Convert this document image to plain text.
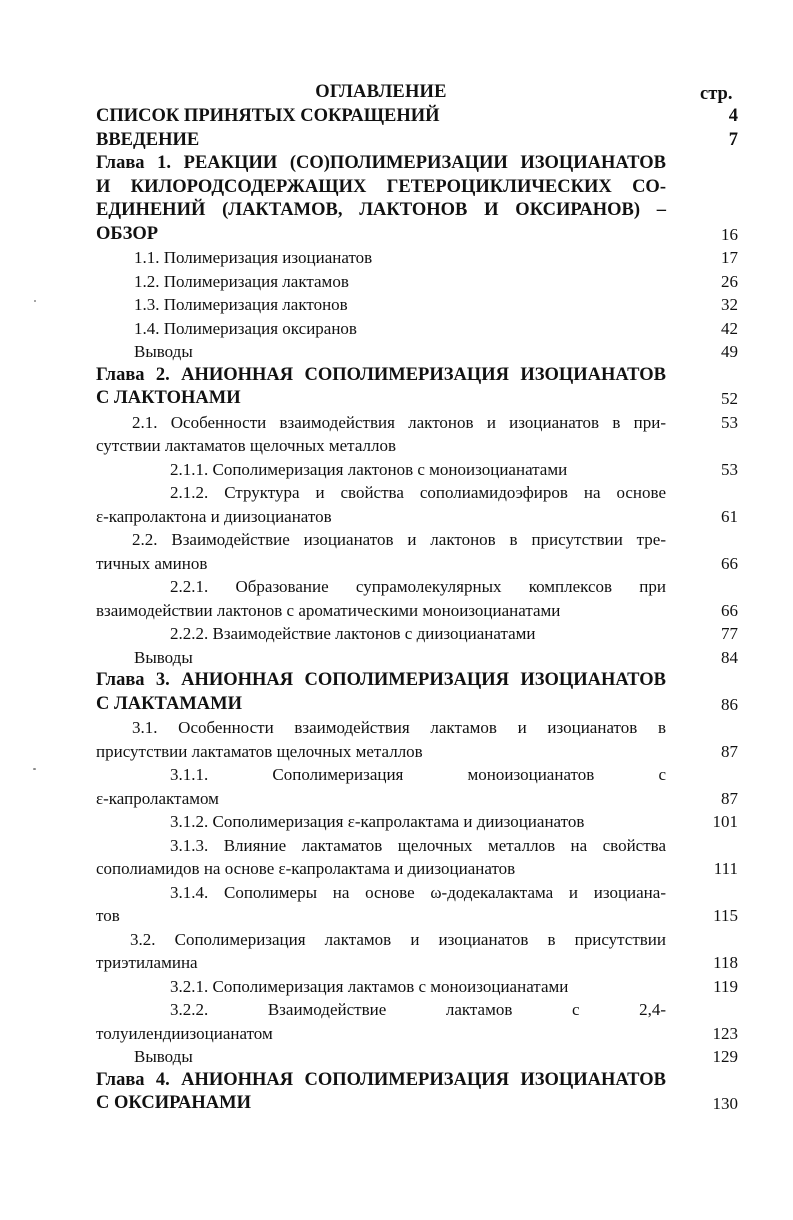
ОГЛАВЛЕНИЕ	стр.
СПИСОК ПРИНЯТЫХ СОКРАЩЕНИЙ	4
ВВЕДЕНИЕ	7
Глава 1. РЕАКЦИИ (СО)ПОЛИМЕРИЗАЦИИ ИЗОЦИАНАТОВ
И КИЛОРОДСОДЕРЖАЩИХ ГЕТЕРОЦИКЛИЧЕСКИХ СО-
ЕДИНЕНИЙ (ЛАКТАМОВ, ЛАКТОНОВ И ОКСИРАНОВ) –
ОБЗОР	16
1.1. Полимеризация изоцианатов	17
1.2. Полимеризация лактамов	26
1.3. Полимеризация лактонов	32
1.4. Полимеризация оксиранов	42
Выводы	49
Глава 2. АНИОННАЯ СОПОЛИМЕРИЗАЦИЯ ИЗОЦИАНАТОВ
С ЛАКТОНАМИ	52
2.1. Особенности взаимодействия лактонов и изоцианатов в при-	53
сутствии лактаматов щелочных металлов
2.1.1. Сополимеризация лактонов с моноизоцианатами	53
2.1.2. Структура и свойства сополиамидоэфиров на основе
ε-капролактона и диизоцианатов	61
2.2. Взаимодействие изоцианатов и лактонов в присутствии тре-
тичных аминов	66
2.2.1. Образование супрамолекулярных комплексов при
взаимодействии лактонов с ароматическими моноизоцианатами	66
2.2.2. Взаимодействие лактонов с диизоцианатами	77
Выводы	84
Глава 3. АНИОННАЯ СОПОЛИМЕРИЗАЦИЯ ИЗОЦИАНАТОВ
С ЛАКТАМАМИ	86
3.1. Особенности взаимодействия лактамов и изоцианатов в
присутствии лактаматов щелочных металлов	87
3.1.1. Сополимеризация моноизоцианатов с
ε-капролактамом	87
3.1.2. Сополимеризация ε-капролактама и диизоцианатов	101
3.1.3. Влияние лактаматов щелочных металлов на свойства
сополиамидов на основе ε-капролактама и диизоцианатов	111
3.1.4. Сополимеры на основе ω-додекалактама и изоциана-
тов	115
3.2. Сополимеризация лактамов и изоцианатов в присутствии
триэтиламина	118
3.2.1. Сополимеризация лактамов с моноизоцианатами	119
3.2.2. Взаимодействие лактамов с 2,4-
толуилендиизоцианатом	123
Выводы	129
Глава 4. АНИОННАЯ СОПОЛИМЕРИЗАЦИЯ ИЗОЦИАНАТОВ
С ОКСИРАНАМИ	130
